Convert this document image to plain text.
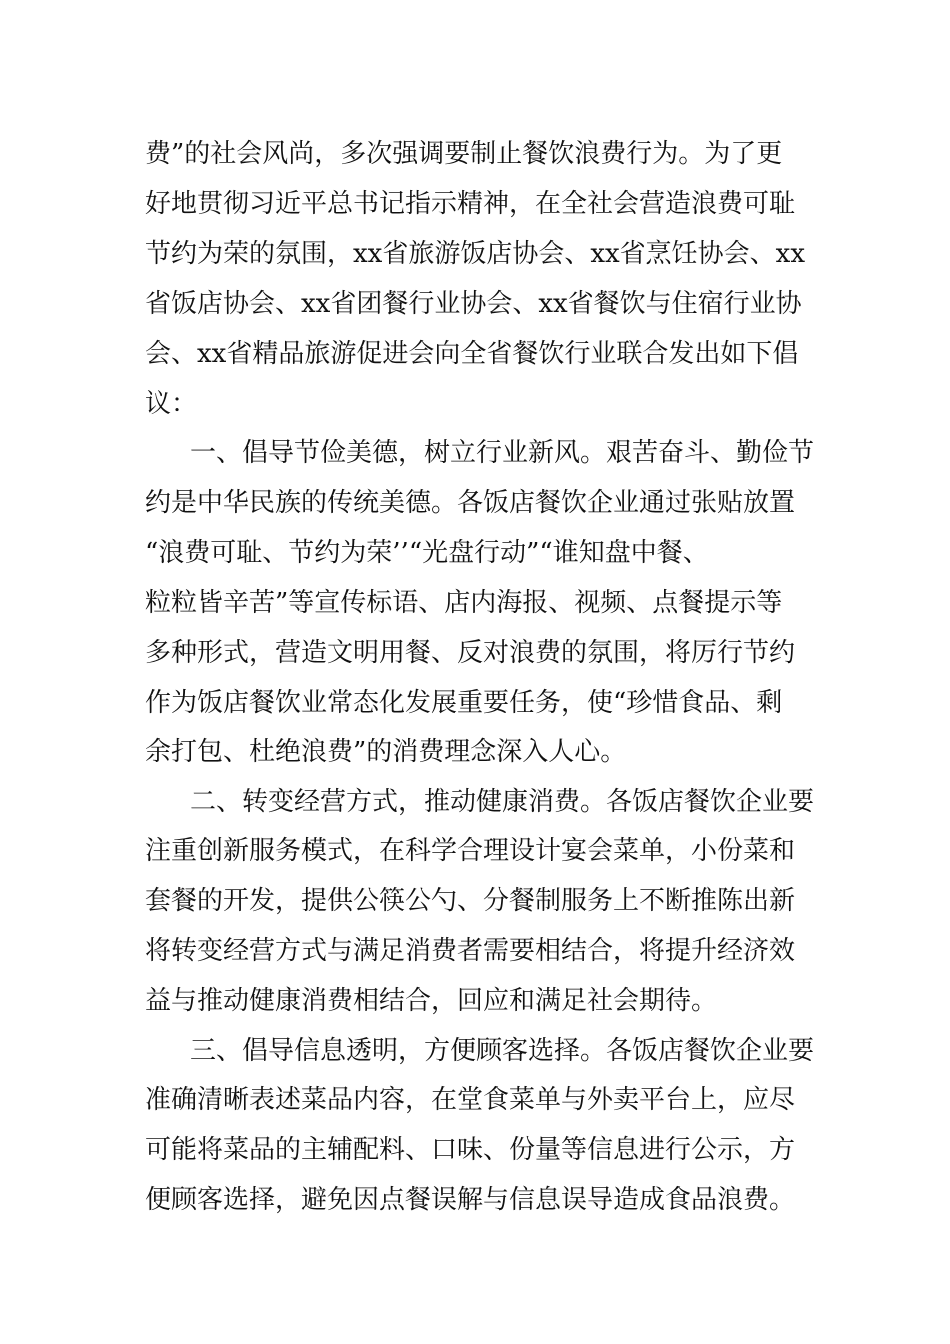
费”的社会风尚，多次强调要制止餐饮浪费行为。为了更
好地贯彻习近平总书记指示精神，在全社会营造浪费可耻
节约为荣的氛围，xx省旅游饭店协会、xx省烹饪协会、xx
省饭店协会、xx省团餐行业协会、xx省餐饮与住宿行业协
会、xx省精品旅游促进会向全省餐饮行业联合发出如下倡
议：
一、倡导节俭美德，树立行业新风。艰苦奋斗、勤俭节
约是中华民族的传统美德。各饭店餐饮企业通过张贴放置
“浪费可耻、节约为荣’’“光盘行动”“谁知盘中餐、
粒粒皆辛苦”等宣传标语、店内海报、视频、点餐提示等
多种形式，营造文明用餐、反对浪费的氛围，将厉行节约
作为饭店餐饮业常态化发展重要任务，使“珍惜食品、剩
余打包、杜绝浪费”的消费理念深入人心。
二、转变经营方式，推动健康消费。各饭店餐饮企业要
注重创新服务模式，在科学合理设计宴会菜单，小份菜和
套餐的开发，提供公筷公勺、分餐制服务上不断推陈出新
将转变经营方式与满足消费者需要相结合，将提升经济效
益与推动健康消费相结合，回应和满足社会期待。
三、倡导信息透明，方便顾客选择。各饭店餐饮企业要
准确清晰表述菜品内容，在堂食菜单与外卖平台上，应尽
可能将菜品的主辅配料、口味、份量等信息进行公示，方
便顾客选择，避免因点餐误解与信息误导造成食品浪费。
